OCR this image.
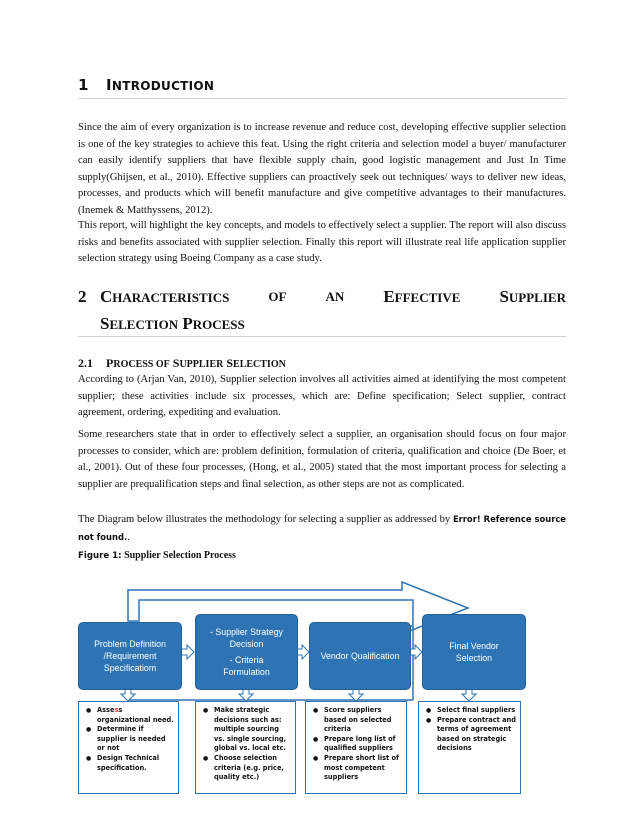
1 INTRODUCTION

Since the aim of every organization is to increase revenue and reduce cost, developing effective supplier selection is one of the key strategies to achieve this feat. Using the right criteria and selection model a buyer/ manufacturer can easily identify suppliers that have flexible supply chain, good logistic management and Just In Time supply(Ghijsen, et al., 2010). Effective suppliers can proactively seek out techniques/ ways to deliver new ideas, processes, and products which will benefit manufacture and give competitive advantages to their manufactures. (Inemek & Matthyssens, 2012).

This report, will highlight the key concepts, and models to effectively select a supplier. The report will also discuss risks and benefits associated with supplier selection. Finally this report will illustrate real life application supplier selection strategy using Boeing Company as a case study.

2 CHARACTERISTICS	OF	AN EFFECTIVE SUPPLIER
SELECTION PROCESS
2.1 PROCESS OF SUPPLIER SELECTION

According to (Arjan Van, 2010), Supplier selection involves all activities aimed at identifying the most competent supplier; these activities include six processes, which are: Define specification; Select supplier, contract agreement, ordering, expediting and evaluation.

Some researchers state that in order to effectively select a supplier, an organisation should focus on four major processes to consider, which are: problem definition, formulation of criteria, qualification and choice (De Boer, et al., 2001). Out of these four processes, (Hong, et al., 2005) stated that the most important process for selecting a supplier are prequalification steps and final selection, as other steps are not as complicated.

The Diagram below illustrates the methodology for selecting a supplier as addressed by Error! Reference source not found..

Figure 1: Supplier Selection Process
Problem Definition
/Requirement
Specificatiom
- Supplier Strategy
Decision
- Criteria
Formulation
Vendor Qualification
Final Vendor
Selection
● Assess organizational need.
● Determine if supplier is needed or not
● Design Technical specification.
● Make strategic decisions such as: multiple sourcing vs. single sourcing, global vs. local etc.
● Choose selection criteria (e.g. price, quality etc.)
● Score suppliers based on selected criteria
● Prepare long list of qualified suppliers
● Prepare short list of most competent suppliers
● Select final suppliers
● Prepare contract and terms of agreement based on strategic decisions
